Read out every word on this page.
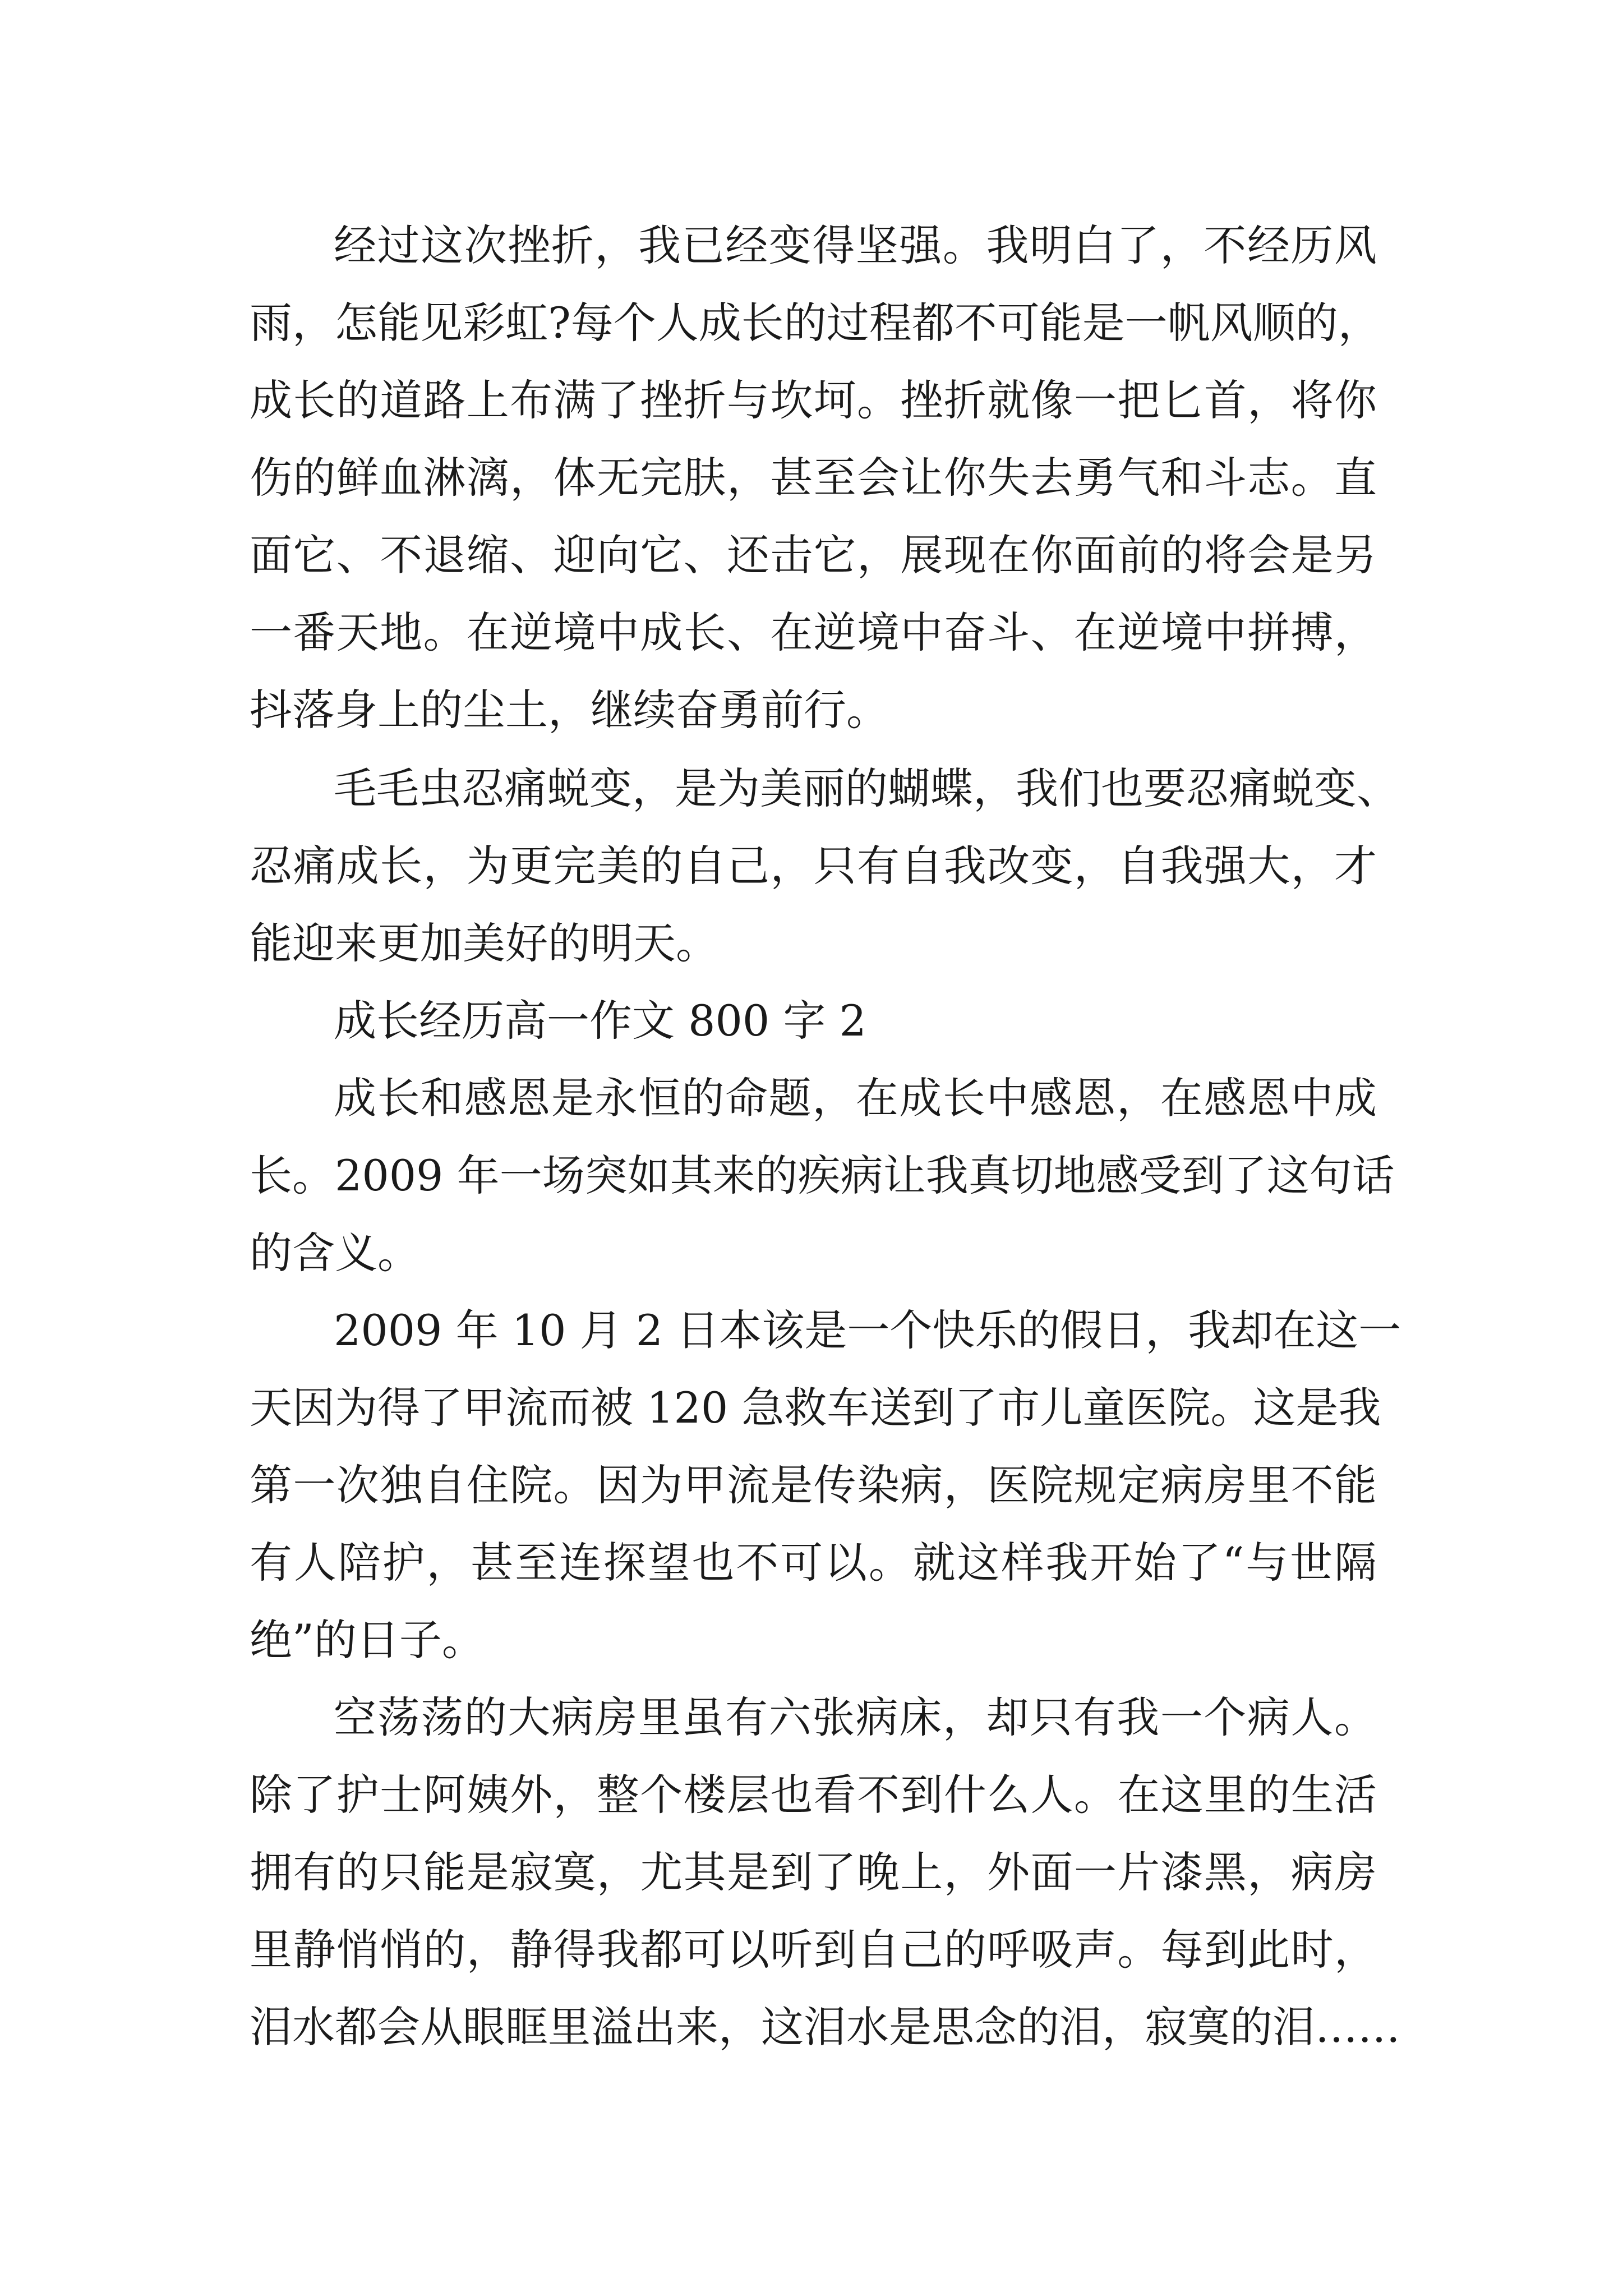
经过这次挫折，我已经变得坚强。我明白了，不经历风
雨，怎能见彩虹?每个人成长的过程都不可能是一帆风顺的，
成长的道路上布满了挫折与坎坷。挫折就像一把匕首，将你
伤的鲜血淋漓，体无完肤，甚至会让你失去勇气和斗志。直
面它、不退缩、迎向它、还击它，展现在你面前的将会是另
一番天地。在逆境中成长、在逆境中奋斗、在逆境中拼搏，
抖落身上的尘土，继续奋勇前行。
毛毛虫忍痛蜕变，是为美丽的蝴蝶，我们也要忍痛蜕变、
忍痛成长，为更完美的自己，只有自我改变，自我强大，才
能迎来更加美好的明天。
成长经历高一作文 800 字 2
成长和感恩是永恒的命题，在成长中感恩，在感恩中成
长。2009 年一场突如其来的疾病让我真切地感受到了这句话
的含义。
2009 年 10 月 2 日本该是一个快乐的假日，我却在这一
天因为得了甲流而被 120 急救车送到了市儿童医院。这是我
第一次独自住院。因为甲流是传染病，医院规定病房里不能
有人陪护，甚至连探望也不可以。就这样我开始了“与世隔
绝”的日子。
空荡荡的大病房里虽有六张病床，却只有我一个病人。
除了护士阿姨外，整个楼层也看不到什么人。在这里的生活
拥有的只能是寂寞，尤其是到了晚上，外面一片漆黑，病房
里静悄悄的，静得我都可以听到自己的呼吸声。每到此时，
泪水都会从眼眶里溢出来，这泪水是思念的泪，寂寞的泪……
